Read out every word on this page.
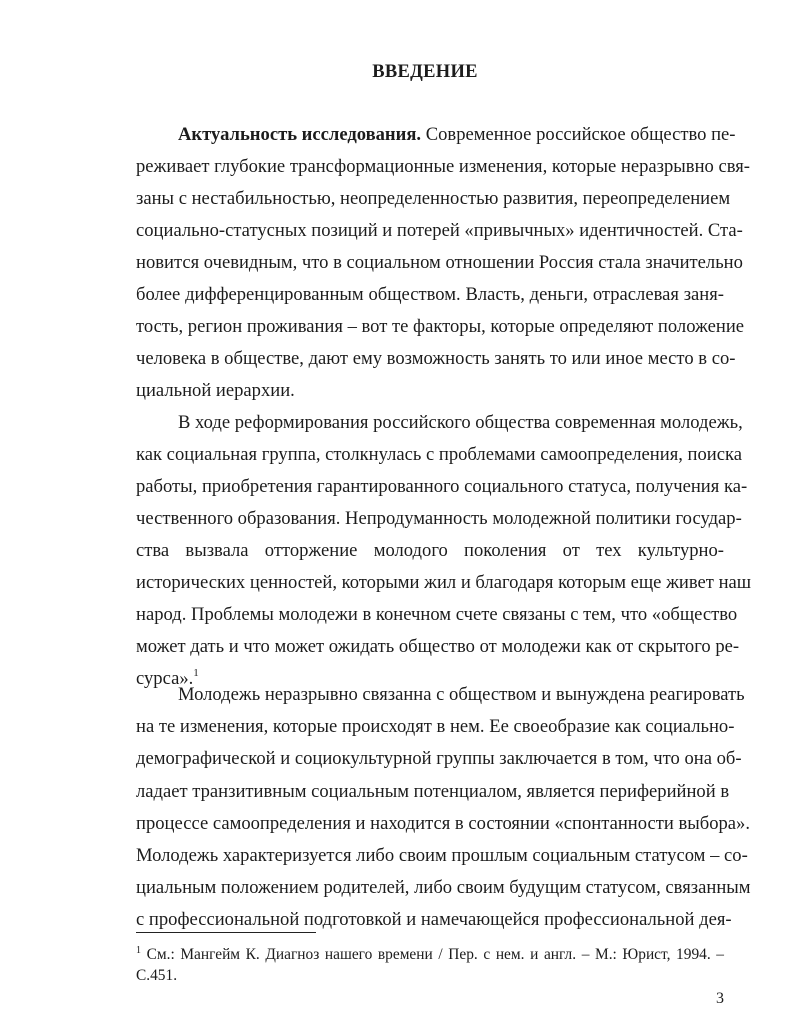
ВВЕДЕНИЕ
Актуальность исследования. Современное российское общество пе-
реживает глубокие трансформационные изменения, которые неразрывно свя-
заны с нестабильностью, неопределенностью развития, переопределением
социально-статусных позиций и потерей «привычных» идентичностей. Ста-
новится очевидным, что в социальном отношении Россия стала значительно
более дифференцированным обществом. Власть, деньги, отраслевая заня-
тость, регион проживания – вот те факторы, которые определяют положение
человека в обществе, дают ему возможность занять то или иное место в со-
циальной иерархии.
В ходе реформирования российского общества современная молодежь,
как социальная группа, столкнулась с проблемами самоопределения, поиска
работы, приобретения гарантированного социального статуса, получения ка-
чественного образования. Непродуманность молодежной политики государ-
ства вызвала отторжение молодого поколения от тех культурно-
исторических ценностей, которыми жил и благодаря которым еще живет наш
народ. Проблемы молодежи в конечном счете связаны с тем, что «общество
может дать и что может ожидать общество от молодежи как от скрытого ре-
сурса».$^1$
Молодежь неразрывно связанна с обществом и вынуждена реагировать
на те изменения, которые происходят в нем. Ее своеобразие как социально-
демографической и социокультурной группы заключается в том, что она об-
ладает транзитивным социальным потенциалом, является периферийной в
процессе самоопределения и находится в состоянии «спонтанности выбора».
Молодежь характеризуется либо своим прошлым социальным статусом – со-
циальным положением родителей, либо своим будущим статусом, связанным
$^1$ См.: Мангейм К. Диагноз нашего времени / Пер. с нем. и англ. – М.: Юрист, 1994. –
С.451.
3
с профессиональной подготовкой и намечающейся профессиональной дея-
